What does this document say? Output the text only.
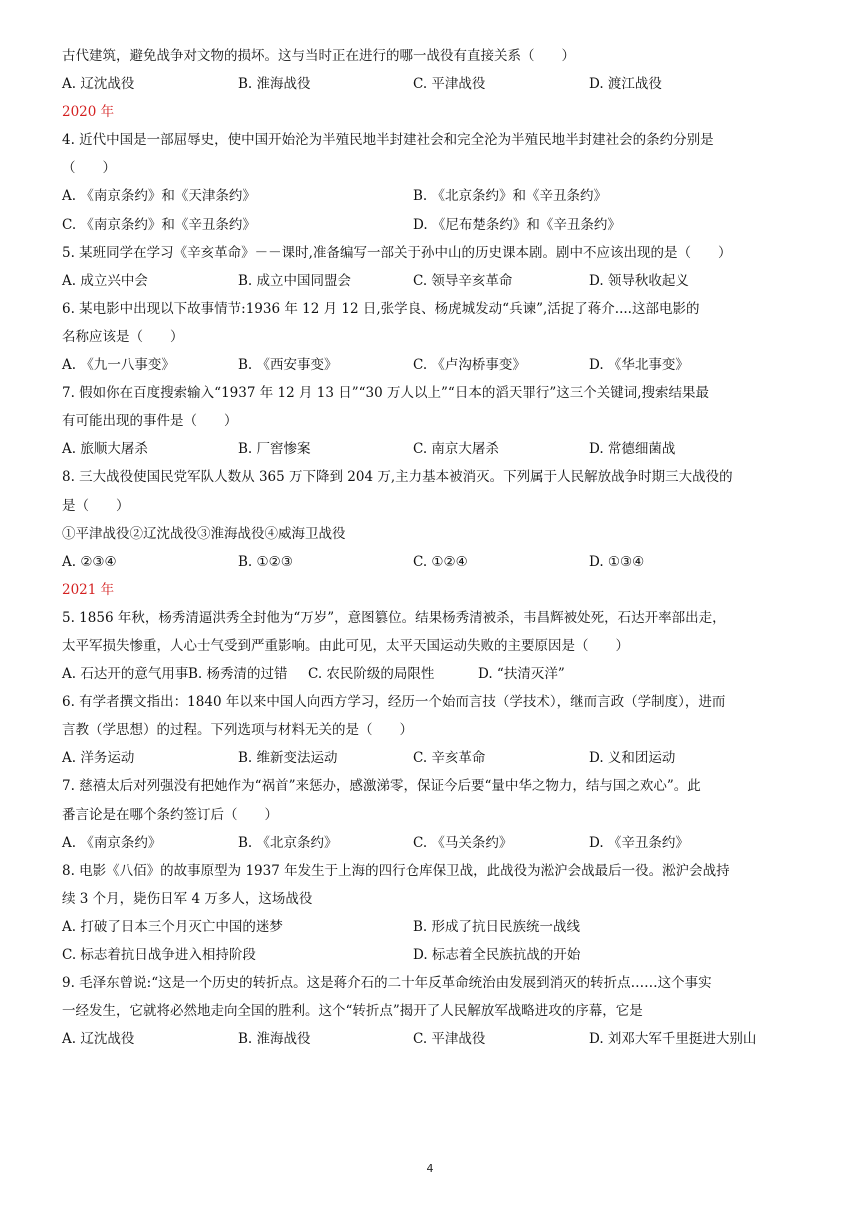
古代建筑，避免战争对文物的损坏。这与当时正在进行的哪一战役有直接关系（　　）
A. 辽沈战役	B. 淮海战役	C. 平津战役	D. 渡江战役
2020 年
4. 近代中国是一部屈辱史，使中国开始沦为半殖民地半封建社会和完全沦为半殖民地半封建社会的条约分别是
（　　）
A. 《南京条约》和《天津条约》	B. 《北京条约》和《辛丑条约》
C. 《南京条约》和《辛丑条约》	D. 《尼布楚条约》和《辛丑条约》
5. 某班同学在学习《辛亥革命》－－课时,准备编写一部关于孙中山的历史课本剧。剧中不应该出现的是（　　）
A. 成立兴中会	B. 成立中国同盟会	C. 领导辛亥革命	D. 领导秋收起义
6. 某电影中出现以下故事情节:1936 年 12 月 12 日,张学良、杨虎城发动“兵谏”,活捉了蒋介....这部电影的
名称应该是（　　）
A. 《九一八事变》	B. 《西安事变》	C. 《卢沟桥事变》	D. 《华北事变》
7. 假如你在百度搜索输入“1937 年 12 月 13 日”“30 万人以上”“日本的滔天罪行”这三个关键词,搜索结果最
有可能出现的事件是（　　）
A. 旅顺大屠杀	B. 厂窖惨案	C. 南京大屠杀	D. 常德细菌战
8. 三大战役使国民党军队人数从 365 万下降到 204 万,主力基本被消灭。下列属于人民解放战争时期三大战役的
是（　　）
①平津战役②辽沈战役③淮海战役④威海卫战役
A. ②③④	B. ①②③	C. ①②④	D. ①③④
2021 年
5. 1856 年秋，杨秀清逼洪秀全封他为“万岁”，意图篡位。结果杨秀清被杀，韦昌辉被处死，石达开率部出走，
太平军损失惨重，人心士气受到严重影响。由此可见，太平天国运动失败的主要原因是（　　）
A. 石达开的意气用事 B. 杨秀清的过错 C. 农民阶级的局限性	D. “扶清灭洋”
6. 有学者撰文指出：1840 年以来中国人向西方学习，经历一个始而言技（学技术），继而言政（学制度），进而
言教（学思想）的过程。下列选项与材料无关的是（　　）
A. 洋务运动	B. 维新变法运动	C. 辛亥革命	D. 义和团运动
7. 慈禧太后对列强没有把她作为“祸首”来惩办，感激涕零，保证今后要“量中华之物力，结与国之欢心”。此
番言论是在哪个条约签订后（　　）
A. 《南京条约》	B. 《北京条约》	C. 《马关条约》	D. 《辛丑条约》
8. 电影《八佰》的故事原型为 1937 年发生于上海的四行仓库保卫战，此战役为淞沪会战最后一役。淞沪会战持
续 3 个月，毙伤日军 4 万多人，这场战役
A. 打破了日本三个月灭亡中国的迷梦	B. 形成了抗日民族统一战线
C. 标志着抗日战争进入相持阶段	D. 标志着全民族抗战的开始
9. 毛泽东曾说:“这是一个历史的转折点。这是蒋介石的二十年反革命统治由发展到消灭的转折点……这个事实
一经发生，它就将必然地走向全国的胜利。这个“转折点”揭开了人民解放军战略进攻的序幕，它是
A. 辽沈战役	B. 淮海战役	C. 平津战役	D. 刘邓大军千里挺进大别山
4
